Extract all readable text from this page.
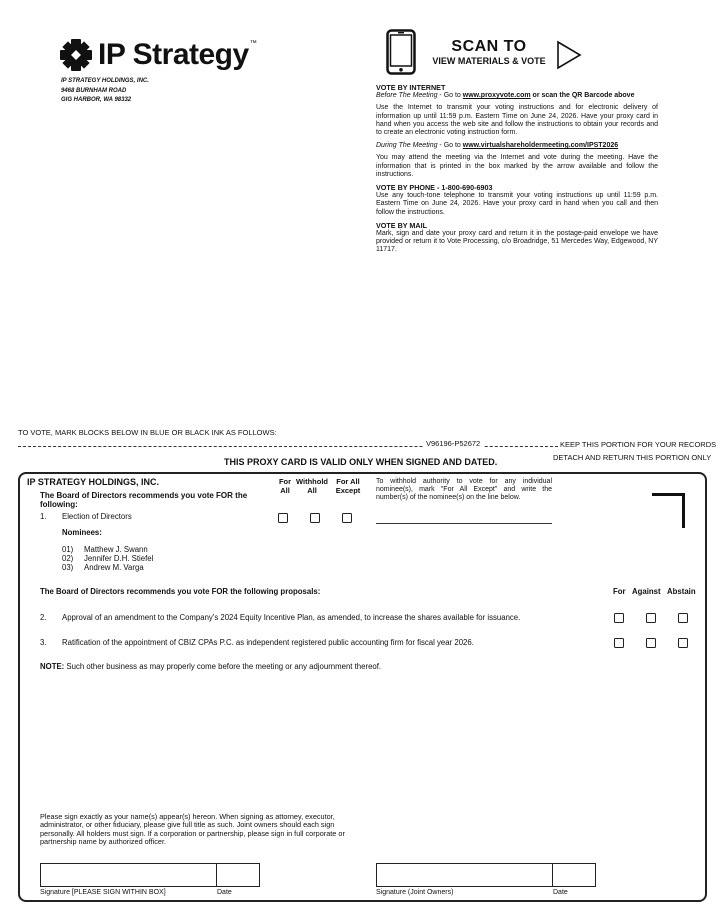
IP Strategy ™
IP STRATEGY HOLDINGS, INC.
9468 BURNHAM ROAD
GIG HARBOR, WA 98332
SCAN TO
VIEW MATERIALS & VOTE
VOTE BY INTERNET

Before The Meeting - Go to www.proxyvote.com or scan the QR Barcode above

Use the Internet to transmit your voting instructions and for electronic delivery of information up until 11:59 p.m. Eastern Time on June 24, 2026. Have your proxy card in hand when you access the web site and follow the instructions to obtain your records and to create an electronic voting instruction form.

During The Meeting - Go to www.virtualshareholdermeeting.com/IPST2026

You may attend the meeting via the Internet and vote during the meeting. Have the information that is printed in the box marked by the arrow available and follow the instructions.

VOTE BY PHONE - 1-800-690-6903

Use any touch-tone telephone to transmit your voting instructions up until 11:59 p.m. Eastern Time on June 24, 2026. Have your proxy card in hand when you call and then follow the instructions.

VOTE BY MAIL

Mark, sign and date your proxy card and return it in the postage-paid envelope we have provided or return it to Vote Processing, c/o Broadridge, 51 Mercedes Way, Edgewood, NY 11717.

TO VOTE, MARK BLOCKS BELOW IN BLUE OR BLACK INK AS FOLLOWS:
V96196-P52672	KEEP THIS PORTION FOR YOUR RECORDS
DETACH AND RETURN THIS PORTION ONLY
THIS PROXY CARD IS VALID ONLY WHEN SIGNED AND DATED.
IP STRATEGY HOLDINGS, INC.
The Board of Directors recommends you vote FOR the following:
For All
Withhold All
For All Except
To withhold authority to vote for any individual nominee(s), mark "For All Except" and write the number(s) of the nominee(s) on the line below.
1. Election of Directors
Nominees:
01) Matthew J. Swann
02) Jennifer D.H. Stiefel
03) Andrew M. Varga
The Board of Directors recommends you vote FOR the following proposals:	For Against Abstain
2. Approval of an amendment to the Company's 2024 Equity Incentive Plan, as amended, to increase the shares available for issuance.
3. Ratification of the appointment of CBIZ CPAs P.C. as independent registered public accounting firm for fiscal year 2026.
NOTE: Such other business as may properly come before the meeting or any adjournment thereof.
Please sign exactly as your name(s) appear(s) hereon. When signing as attorney, executor, administrator, or other fiduciary, please give full title as such. Joint owners should each sign personally. All holders must sign. If a corporation or partnership, please sign in full corporate or partnership name by authorized officer.
Signature [PLEASE SIGN WITHIN BOX]	Date	Signature (Joint Owners)	Date
